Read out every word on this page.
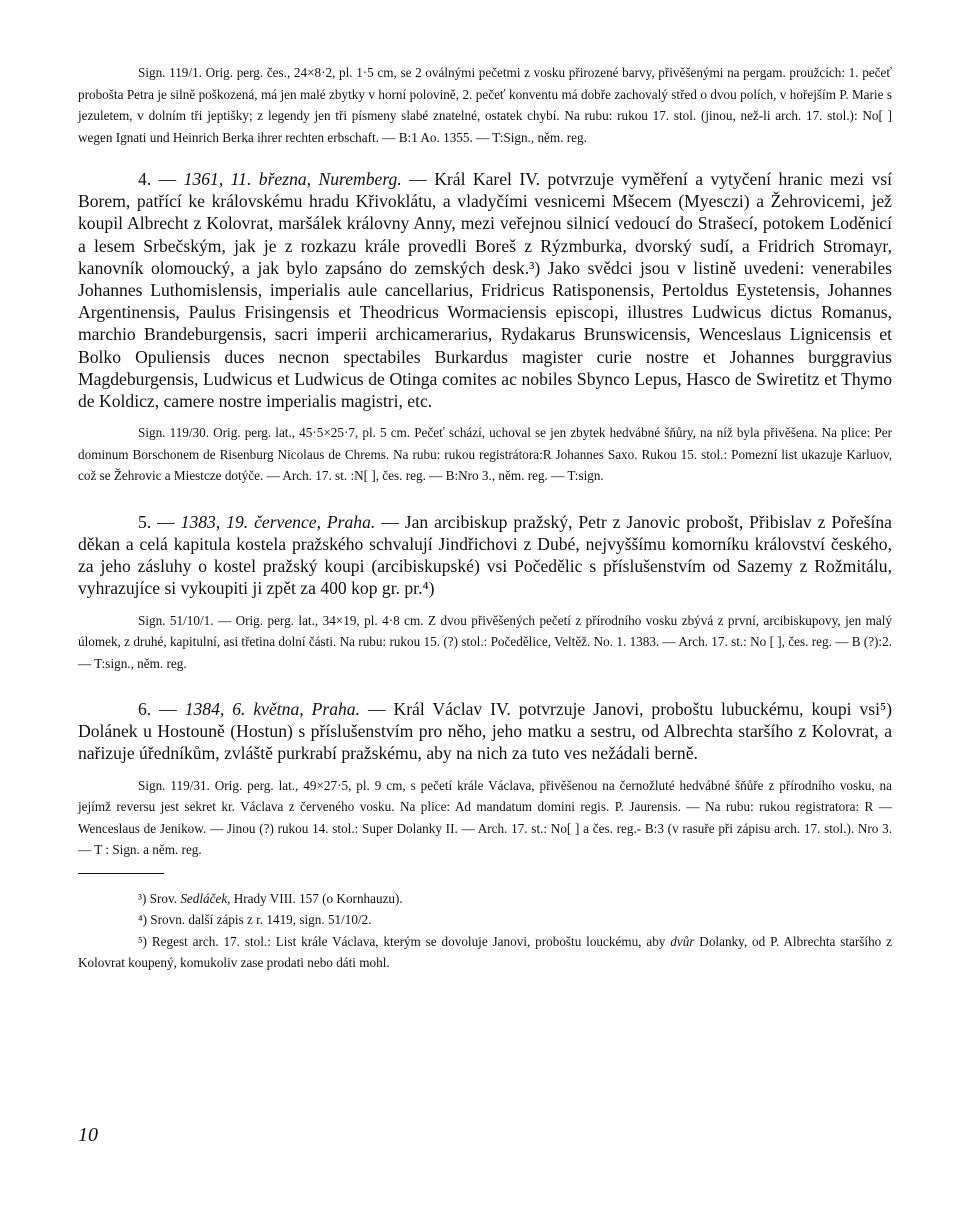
Sign. 119/1. Orig. perg. čes., 24×8·2, pl. 1·5 cm, se 2 oválnými pečetmi z vosku přirozené barvy, přivěšenými na pergam. proužcích: 1. pečeť probošta Petra je silně poškozená, má jen malé zbytky v horní polovině, 2. pečeť konventu má dobře zachovalý střed o dvou polích, v hořejším P. Marie s jezuletem, v dolním tři jeptišky; z legendy jen tři písmeny slabé znatelné, ostatek chybí. Na rubu: rukou 17. stol. (jinou, než-li arch. 17. stol.): No[ ] wegen Ignati und Heinrich Berka ihrer rechten erbschaft. — B:1 Ao. 1355. — T:Sign., něm. reg.

4. — 1361, 11. března, Nuremberg. — Král Karel IV. potvrzuje vyměření a vytyčení hranic mezi vsí Borem, patřící ke královskému hradu Křivoklátu, a vladyčími vesnicemi Mšecem (Myesczi) a Žehrovicemi, jež koupil Albrecht z Kolovrat, maršálek královny Anny, mezi veřejnou silnicí vedoucí do Strašecí, potokem Loděnicí a lesem Srbečským, jak je z rozkazu krále provedli Boreš z Rýzmburka, dvorský sudí, a Fridrich Stromayr, kanovník olomoucký, a jak bylo zapsáno do zemských desk.³) Jako svědci jsou v listině uvedeni: venerabiles Johannes Luthomislensis, imperialis aule cancellarius, Fridricus Ratisponensis, Pertoldus Eystetensis, Johannes Argentinensis, Paulus Frisingensis et Theodricus Wormaciensis episcopi, illustres Ludwicus dictus Romanus, marchio Brandeburgensis, sacri imperii archicamerarius, Rydakarus Brunswicensis, Wenceslaus Lignicensis et Bolko Opuliensis duces necnon spectabiles Burkardus magister curie nostre et Johannes burggravius Magdeburgensis, Ludwicus et Ludwicus de Otinga comites ac nobiles Sbynco Lepus, Hasco de Swiretitz et Thymo de Koldicz, camere nostre imperialis magistri, etc.

Sign. 119/30. Orig. perg. lat., 45·5×25·7, pl. 5 cm. Pečeť schází, uchoval se jen zbytek hedvábné šňůry, na níž byla přivěšena. Na plice: Per dominum Borschonem de Risenburg Nicolaus de Chrems. Na rubu: rukou registrátora:R Johannes Saxo. Rukou 15. stol.: Pomezní list ukazuje Karluov, což se Žehrovic a Miestcze dotýče. — Arch. 17. st. :N[ ], čes. reg. — B:Nro 3., něm. reg. — T:sign.

5. — 1383, 19. července, Praha. — Jan arcibiskup pražský, Petr z Janovic probošt, Přibislav z Pořešína děkan a celá kapitula kostela pražského schvalují Jindřichovi z Dubé, nejvyššímu komorníku království českého, za jeho zásluhy o kostel pražský koupi (arcibiskupské) vsi Počedělic s příslušenstvím od Sazemy z Rožmitálu, vyhrazujíce si vykoupiti ji zpět za 400 kop gr. pr.⁴)

Sign. 51/10/1. — Orig. perg. lat., 34×19, pl. 4·8 cm. Z dvou přivěšených pečetí z přírodního vosku zbývá z první, arcibiskupovy, jen malý úlomek, z druhé, kapitulní, asi třetina dolní části. Na rubu: rukou 15. (?) stol.: Počedělice, Veltěž. No. 1. 1383. — Arch. 17. st.: No [ ], čes. reg. — B (?):2. — T:sign., něm. reg.

6. — 1384, 6. května, Praha. — Král Václav IV. potvrzuje Janovi, proboštu lubuckému, koupi vsi⁵) Dolánek u Hostouně (Hostun) s příslušenstvím pro něho, jeho matku a sestru, od Albrechta staršího z Kolovrat, a nařizuje úředníkům, zvláště purkrabí pražskému, aby na nich za tuto ves nežádali berně.

Sign. 119/31. Orig. perg. lat., 49×27·5, pl. 9 cm, s pečetí krále Václava, přivěšenou na černožluté hedvábné šňůře z přírodního vosku, na jejímž reversu jest sekret kr. Václava z červeného vosku. Na plice: Ad mandatum domini regis. P. Jaurensis. — Na rubu: rukou registratora: R — Wenceslaus de Jenikow. — Jinou (?) rukou 14. stol.: Super Dolanky II. — Arch. 17. st.: No[ ] a čes. reg.- B:3 (v rasuře při zápisu arch. 17. stol.). Nro 3. — T : Sign. a něm. reg.

³) Srov. Sedláček, Hrady VIII. 157 (o Kornhauzu).

⁴) Srovn. další zápis z r. 1419, sign. 51/10/2.

⁵) Regest arch. 17. stol.: List krále Václava, kterým se dovoluje Janovi, proboštu louckému, aby dvůr Dolanky, od P. Albrechta staršího z Kolovrat koupený, komukoliv zase prodati nebo dáti mohl.

10
